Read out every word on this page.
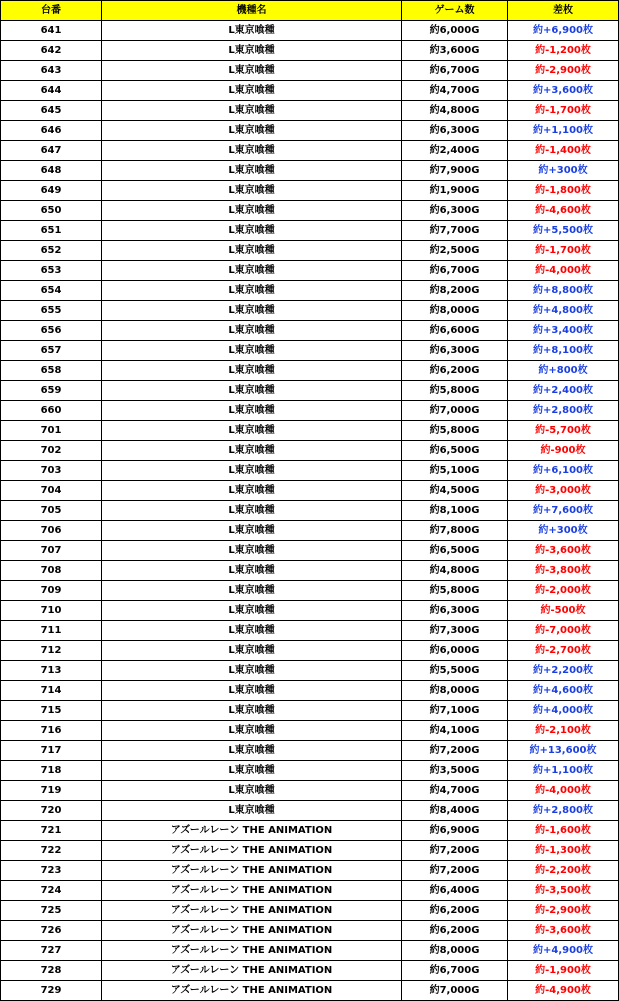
台番	機種名	ゲーム数	差枚
641	L東京喰種	約6,000G	約+6,900枚
642	L東京喰種	約3,600G	約-1,200枚
643	L東京喰種	約6,700G	約-2,900枚
644	L東京喰種	約4,700G	約+3,600枚
645	L東京喰種	約4,800G	約-1,700枚
646	L東京喰種	約6,300G	約+1,100枚
647	L東京喰種	約2,400G	約-1,400枚
648	L東京喰種	約7,900G	約+300枚
649	L東京喰種	約1,900G	約-1,800枚
650	L東京喰種	約6,300G	約-4,600枚
651	L東京喰種	約7,700G	約+5,500枚
652	L東京喰種	約2,500G	約-1,700枚
653	L東京喰種	約6,700G	約-4,000枚
654	L東京喰種	約8,200G	約+8,800枚
655	L東京喰種	約8,000G	約+4,800枚
656	L東京喰種	約6,600G	約+3,400枚
657	L東京喰種	約6,300G	約+8,100枚
658	L東京喰種	約6,200G	約+800枚
659	L東京喰種	約5,800G	約+2,400枚
660	L東京喰種	約7,000G	約+2,800枚
701	L東京喰種	約5,800G	約-5,700枚
702	L東京喰種	約6,500G	約-900枚
703	L東京喰種	約5,100G	約+6,100枚
704	L東京喰種	約4,500G	約-3,000枚
705	L東京喰種	約8,100G	約+7,600枚
706	L東京喰種	約7,800G	約+300枚
707	L東京喰種	約6,500G	約-3,600枚
708	L東京喰種	約4,800G	約-3,800枚
709	L東京喰種	約5,800G	約-2,000枚
710	L東京喰種	約6,300G	約-500枚
711	L東京喰種	約7,300G	約-7,000枚
712	L東京喰種	約6,000G	約-2,700枚
713	L東京喰種	約5,500G	約+2,200枚
714	L東京喰種	約8,000G	約+4,600枚
715	L東京喰種	約7,100G	約+4,000枚
716	L東京喰種	約4,100G	約-2,100枚
717	L東京喰種	約7,200G	約+13,600枚
718	L東京喰種	約3,500G	約+1,100枚
719	L東京喰種	約4,700G	約-4,000枚
720	L東京喰種	約8,400G	約+2,800枚
721	アズールレーン THE ANIMATION	約6,900G	約-1,600枚
722	アズールレーン THE ANIMATION	約7,200G	約-1,300枚
723	アズールレーン THE ANIMATION	約7,200G	約-2,200枚
724	アズールレーン THE ANIMATION	約6,400G	約-3,500枚
725	アズールレーン THE ANIMATION	約6,200G	約-2,900枚
726	アズールレーン THE ANIMATION	約6,200G	約-3,600枚
727	アズールレーン THE ANIMATION	約8,000G	約+4,900枚
728	アズールレーン THE ANIMATION	約6,700G	約-1,900枚
729	アズールレーン THE ANIMATION	約7,000G	約-4,900枚
